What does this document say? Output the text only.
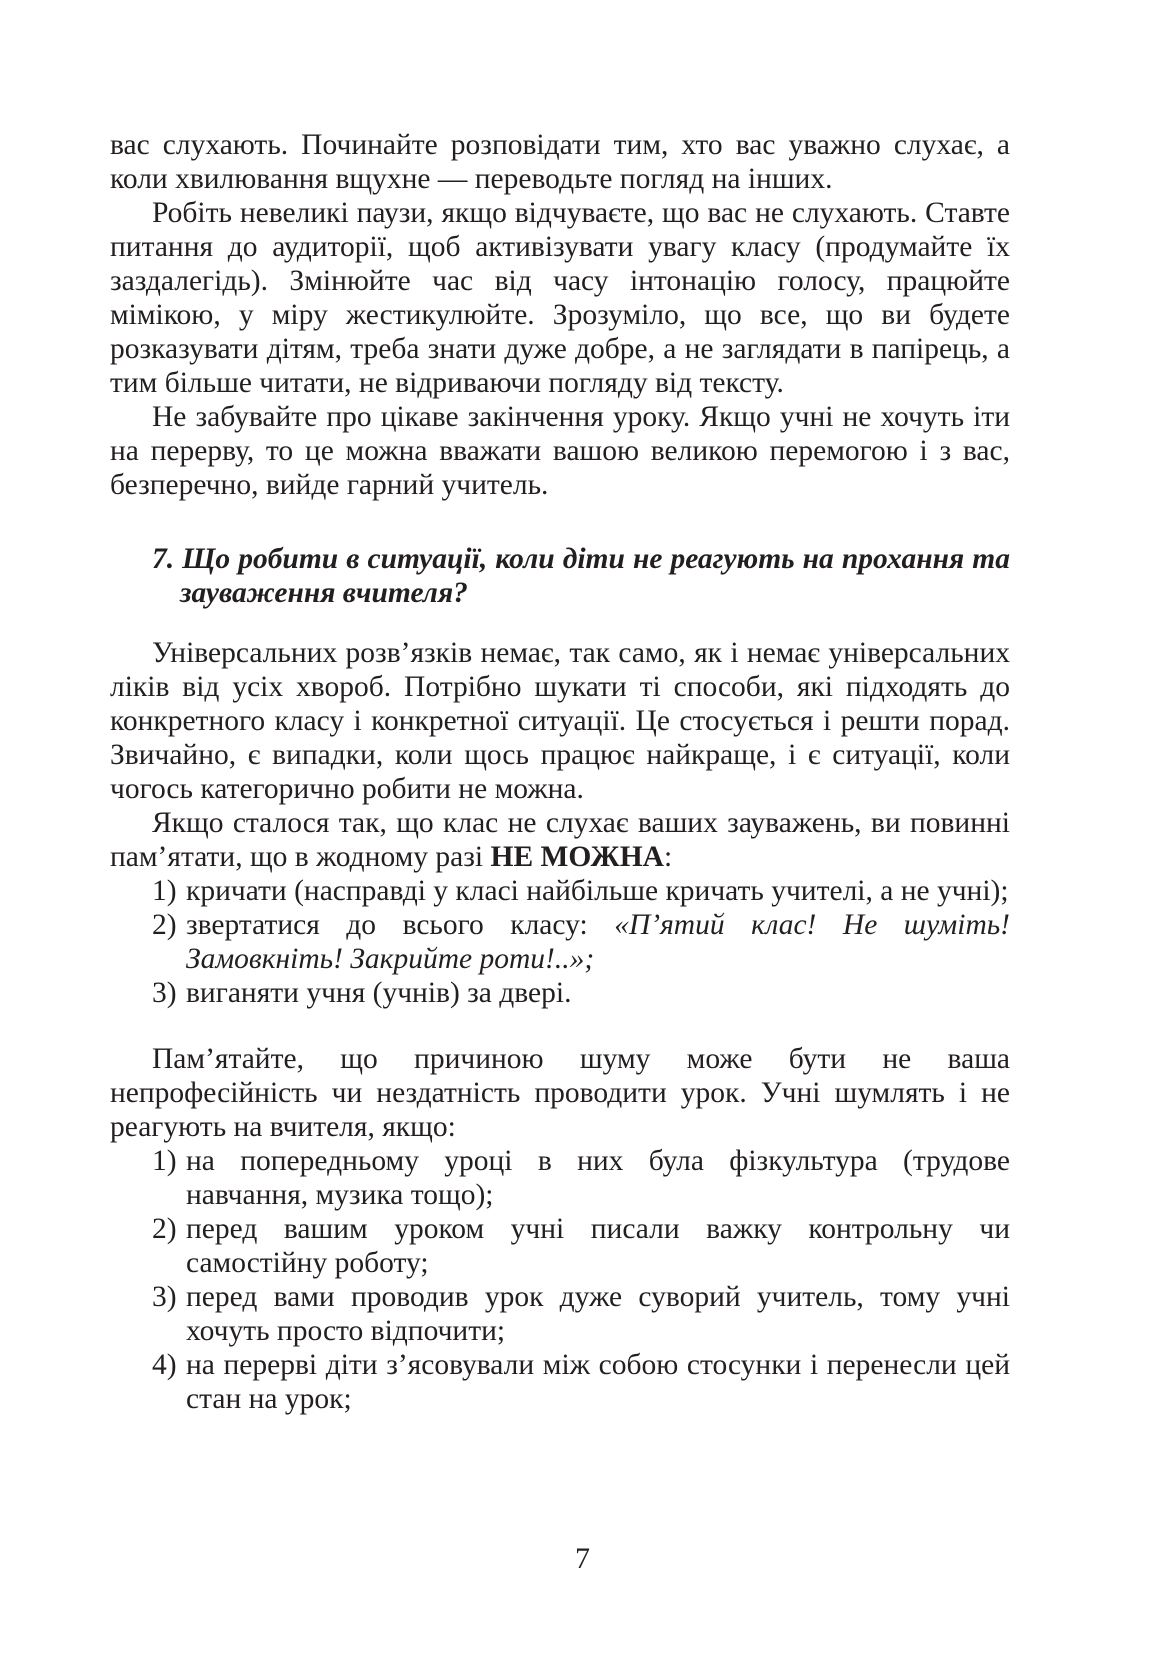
вас слухають. Починайте розповідати тим, хто вас уважно слухає, а коли хвилювання вщухне — переводьте погляд на інших.

Робіть невеликі паузи, якщо відчуваєте, що вас не слухають. Ставте питання до аудиторії, щоб активізувати увагу класу (продумайте їх заздалегідь). Змінюйте час від часу інтонацію голосу, працюйте мімікою, у міру жестикулюйте. Зрозуміло, що все, що ви будете розказувати дітям, треба знати дуже добре, а не заглядати в папірець, а тим більше читати, не відриваючи погляду від тексту.

Не забувайте про цікаве закінчення уроку. Якщо учні не хочуть іти на перерву, то це можна вважати вашою великою перемогою і з вас, безперечно, вийде гарний учитель.

7. Що робити в ситуації, коли діти не реагують на прохання та зауваження вчителя?

Універсальних розв’язків немає, так само, як і немає універсальних ліків від усіх хвороб. Потрібно шукати ті способи, які підходять до конкретного класу і конкретної ситуації. Це стосується і решти порад. Звичайно, є випадки, коли щось працює найкраще, і є ситуації, коли чогось категорично робити не можна.

Якщо сталося так, що клас не слухає ваших зауважень, ви повинні пам’ятати, що в жодному разі НЕ МОЖНА:

1) кричати (насправді у класі найбільше кричать учителі, а не учні);
2) звертатися до всього класу: «П’ятий клас! Не шуміть! Замовкніть! Закрийте роти!..»;
3) виганяти учня (учнів) за двері.

Пам’ятайте, що причиною шуму може бути не ваша непрофесійність чи нездатність проводити урок. Учні шумлять і не реагують на вчителя, якщо:

1) на попередньому уроці в них була фізкультура (трудове навчання, музика тощо);
2) перед вашим уроком учні писали важку контрольну чи самостійну роботу;
3) перед вами проводив урок дуже суворий учитель, тому учні хочуть просто відпочити;
4) на перерві діти з’ясовували між собою стосунки і перенесли цей стан на урок;
7
